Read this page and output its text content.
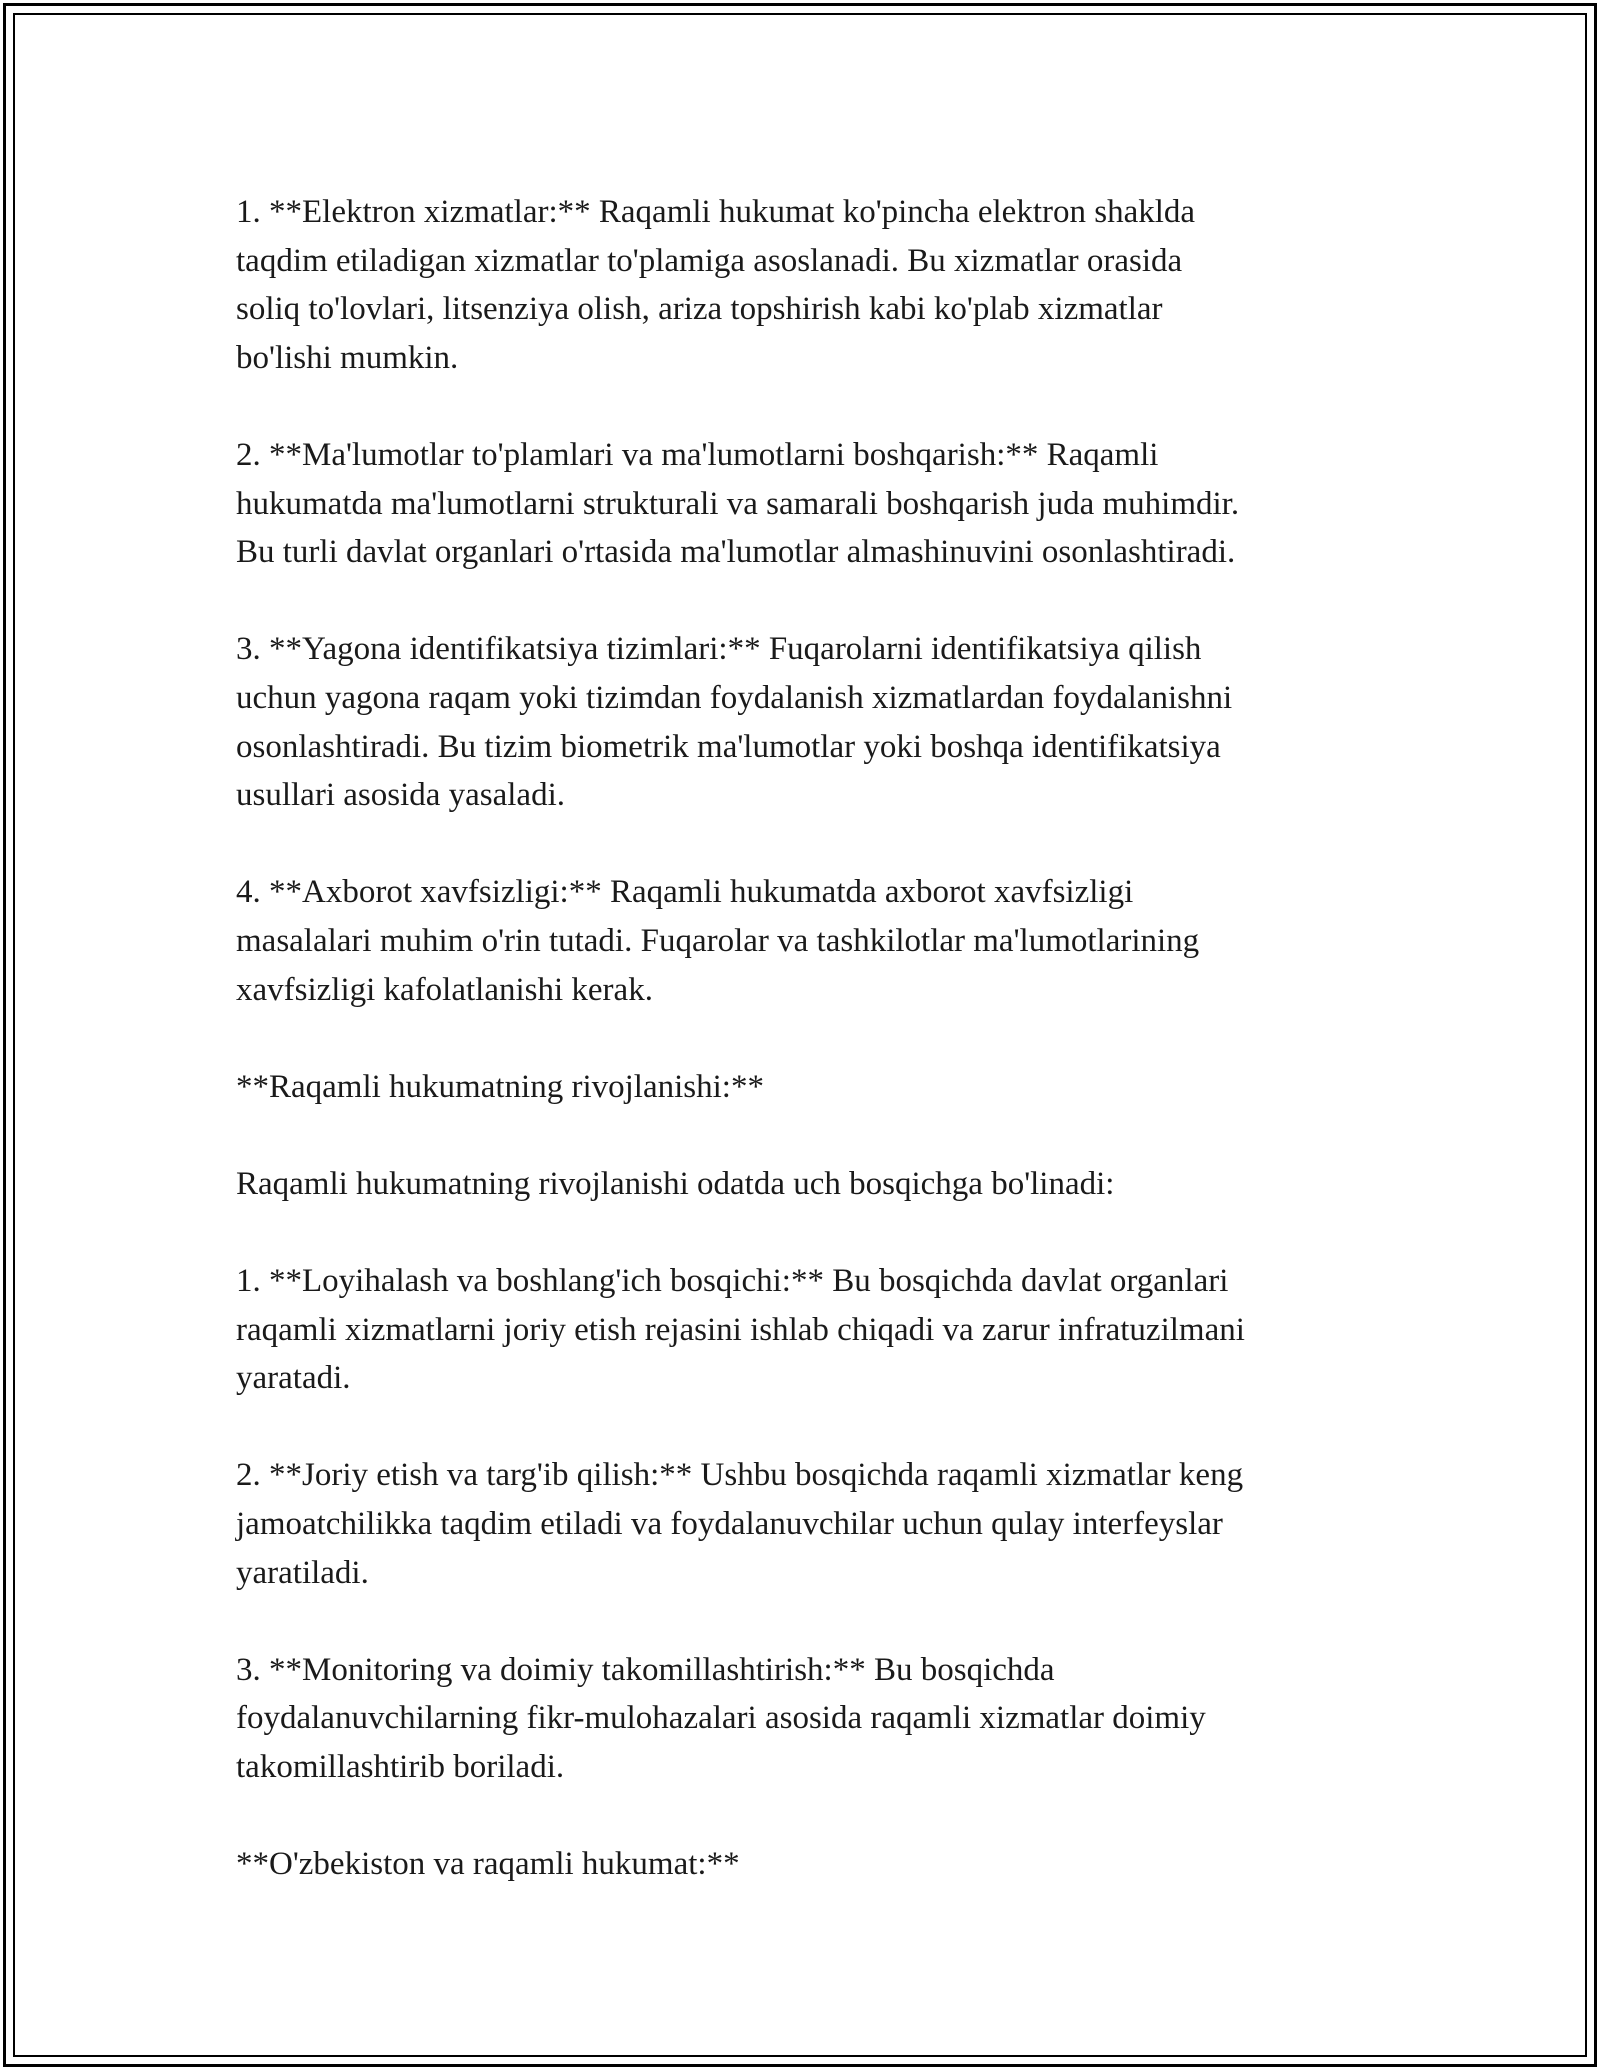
1. **Elektron xizmatlar:** Raqamli hukumat ko'pincha elektron shakldа
taqdim etiladigan xizmatlar to'plamiga asoslanadi. Bu xizmatlar orasida
soliq to'lovlari, litsenziya olish, ariza topshirish kabi ko'plab xizmatlar
bo'lishi mumkin.

2. **Ma'lumotlar to'plamlari va ma'lumotlarni boshqarish:** Raqamli
hukumatda ma'lumotlarni strukturali va samarali boshqarish juda muhimdir.
Bu turli davlat organlari o'rtasida ma'lumotlar almashinuvini osonlashtiradi.

3. **Yagona identifikatsiya tizimlari:** Fuqarolarni identifikatsiya qilish
uchun yagona raqam yoki tizimdan foydalanish xizmatlardan foydalanishni
osonlashtiradi. Bu tizim biometrik ma'lumotlar yoki boshqa identifikatsiya
usullari asosida yasaladi.

4. **Axborot xavfsizligi:** Raqamli hukumatda axborot xavfsizligi
masalalari muhim o'rin tutadi. Fuqarolar va tashkilotlar ma'lumotlarining
xavfsizligi kafolatlanishi kerak.

**Raqamli hukumatning rivojlanishi:**

Raqamli hukumatning rivojlanishi odatda uch bosqichga bo'linadi:

1. **Loyihalash va boshlang'ich bosqichi:** Bu bosqichda davlat organlari
raqamli xizmatlarni joriy etish rejasini ishlab chiqadi va zarur infratuzilmani
yaratadi.

2. **Joriy etish va targ'ib qilish:** Ushbu bosqichda raqamli xizmatlar keng
jamoatchilikka taqdim etiladi va foydalanuvchilar uchun qulay interfeyslar
yaratiladi.

3. **Monitoring va doimiy takomillashtirish:** Bu bosqichda
foydalanuvchilarning fikr-mulohazalari asosida raqamli xizmatlar doimiy
takomillashtirib boriladi.

**O'zbekiston va raqamli hukumat:**
